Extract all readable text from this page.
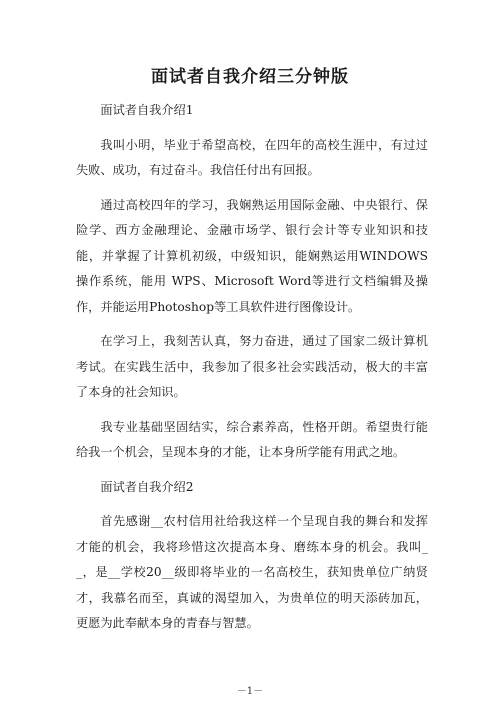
面试者自我介绍三分钟版
面试者自我介绍1

我叫小明，毕业于希望高校，在四年的高校生涯中，有过过失败、成功，有过奋斗。我信任付出有回报。

通过高校四年的学习，我娴熟运用国际金融、中央银行、保险学、西方金融理论、金融市场学、银行会计等专业知识和技能，并掌握了计算机初级，中级知识，能娴熟运用WINDOWS 操作系统，能用 WPS、Microsoft Word等进行文档编辑及操作，并能运用Photoshop等工具软件进行图像设计。

在学习上，我刻苦认真，努力奋进，通过了国家二级计算机考试。在实践生活中，我参加了很多社会实践活动，极大的丰富了本身的社会知识。

我专业基础坚固结实，综合素养高，性格开朗。希望贵行能给我一个机会，呈现本身的才能，让本身所学能有用武之地。

面试者自我介绍2

首先感谢__农村信用社给我这样一个呈现自我的舞台和发挥才能的机会，我将珍惜这次提高本身、磨练本身的机会。我叫__，是__学校20__级即将毕业的一名高校生，获知贵单位广纳贤才，我慕名而至，真诚的渴望加入，为贵单位的明天添砖加瓦，更愿为此奉献本身的青春与智慧。

－1－
